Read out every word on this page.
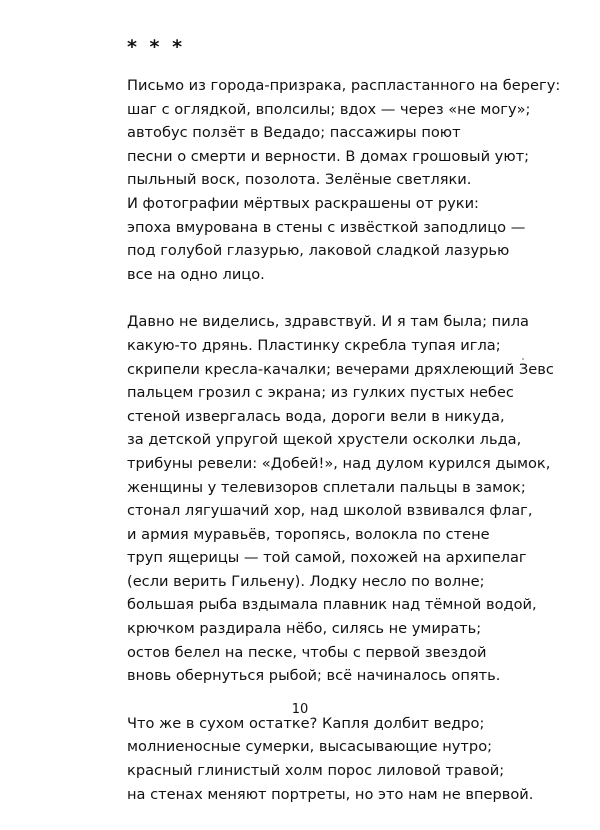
* * *
Письмо из города-призрака, распластанного на берегу:
шаг с оглядкой, вполсилы; вдох — через «не могу»;
автобус ползёт в Ведадо; пассажиры поют
песни о смерти и верности. В домах грошовый уют;
пыльный воск, позолота. Зелёные светляки.
И фотографии мёртвых раскрашены от руки:
эпоха вмурована в стены с извёсткой заподлицо —
под голубой глазурью, лаковой сладкой лазурью
все на одно лицо.
Давно не виделись, здравствуй. И я там была; пила
какую-то дрянь. Пластинку скребла тупая игла;
скрипели кресла-качалки; вечерами дряхлеющий Зевс
пальцем грозил с экрана; из гулких пустых небес
стеной извергалась вода, дороги вели в никуда,
за детской упругой щекой хрустели осколки льда,
трибуны ревели: «Добей!», над дулом курился дымок,
женщины у телевизоров сплетали пальцы в замок;
стонал лягушачий хор, над школой взвивался флаг,
и армия муравьёв, торопясь, волокла по стене
труп ящерицы — той самой, похожей на архипелаг
(если верить Гильену). Лодку несло по волне;
большая рыба вздымала плавник над тёмной водой,
крючком раздирала нёбо, силясь не умирать;
остов белел на песке, чтобы с первой звездой
вновь обернуться рыбой; всё начиналось опять.
Что же в сухом остатке? Капля долбит ведро;
молниеносные сумерки, высасывающие нутро;
красный глинистый холм порос лиловой травой;
на стенах меняют портреты, но это нам не впервой.
10
